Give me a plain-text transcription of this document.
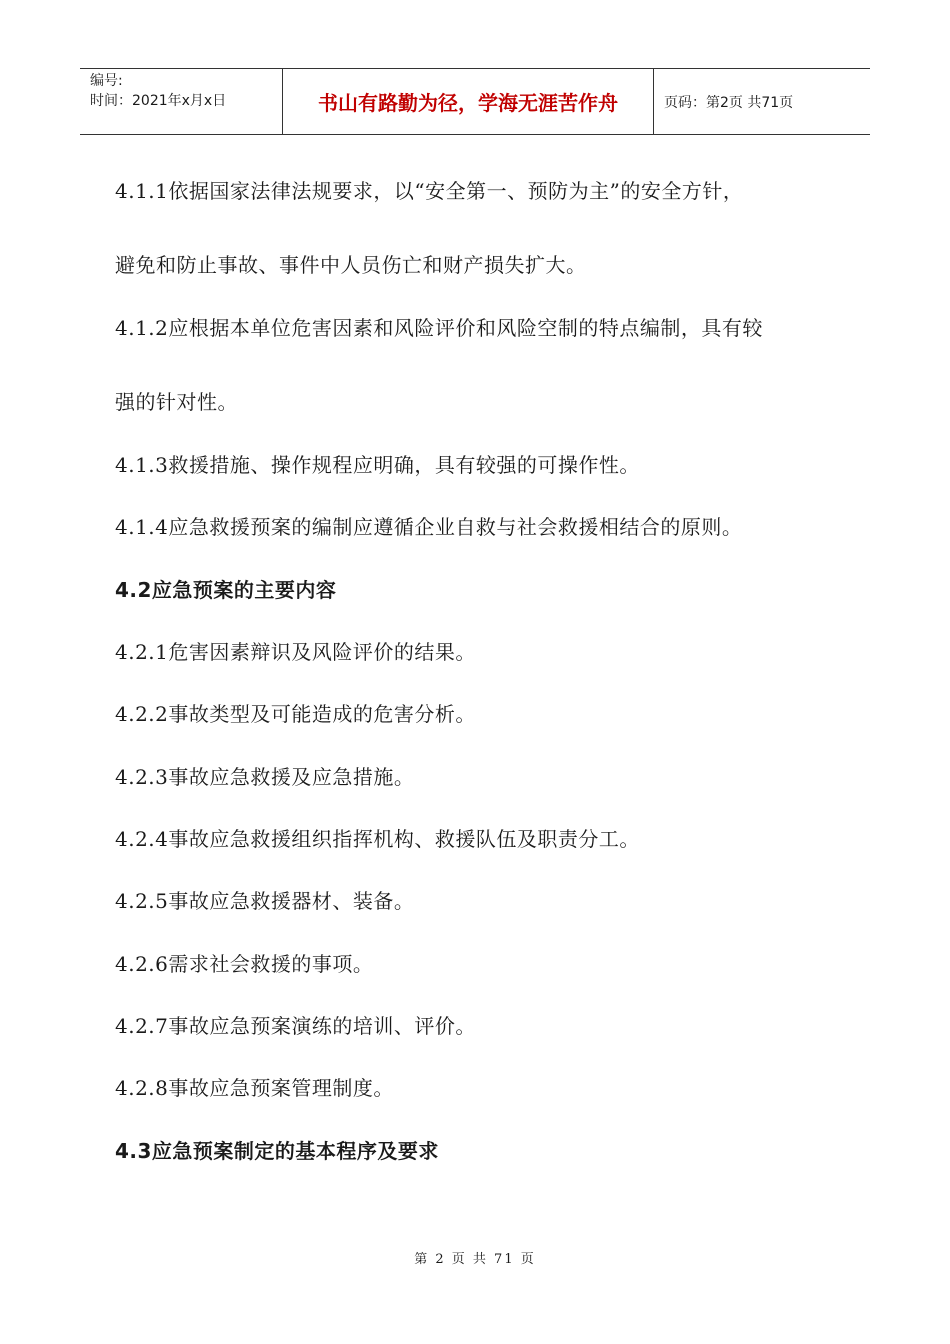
编号:
时间：2021年x月x日	书山有路勤为径，学海无涯苦作舟	页码：第2页 共71页
4.1.1依据国家法律法规要求，以“安全第一、预防为主”的安全方针，
避免和防止事故、事件中人员伤亡和财产损失扩大。
4.1.2应根据本单位危害因素和风险评价和风险空制的特点编制，具有较
强的针对性。
4.1.3救援措施、操作规程应明确，具有较强的可操作性。
4.1.4应急救援预案的编制应遵循企业自救与社会救援相结合的原则。
4.2应急预案的主要内容
4.2.1危害因素辩识及风险评价的结果。
4.2.2事故类型及可能造成的危害分析。
4.2.3事故应急救援及应急措施。
4.2.4事故应急救援组织指挥机构、救援队伍及职责分工。
4.2.5事故应急救援器材、装备。
4.2.6需求社会救援的事项。
4.2.7事故应急预案演练的培训、评价。
4.2.8事故应急预案管理制度。
4.3应急预案制定的基本程序及要求
第 2 页 共 71 页
